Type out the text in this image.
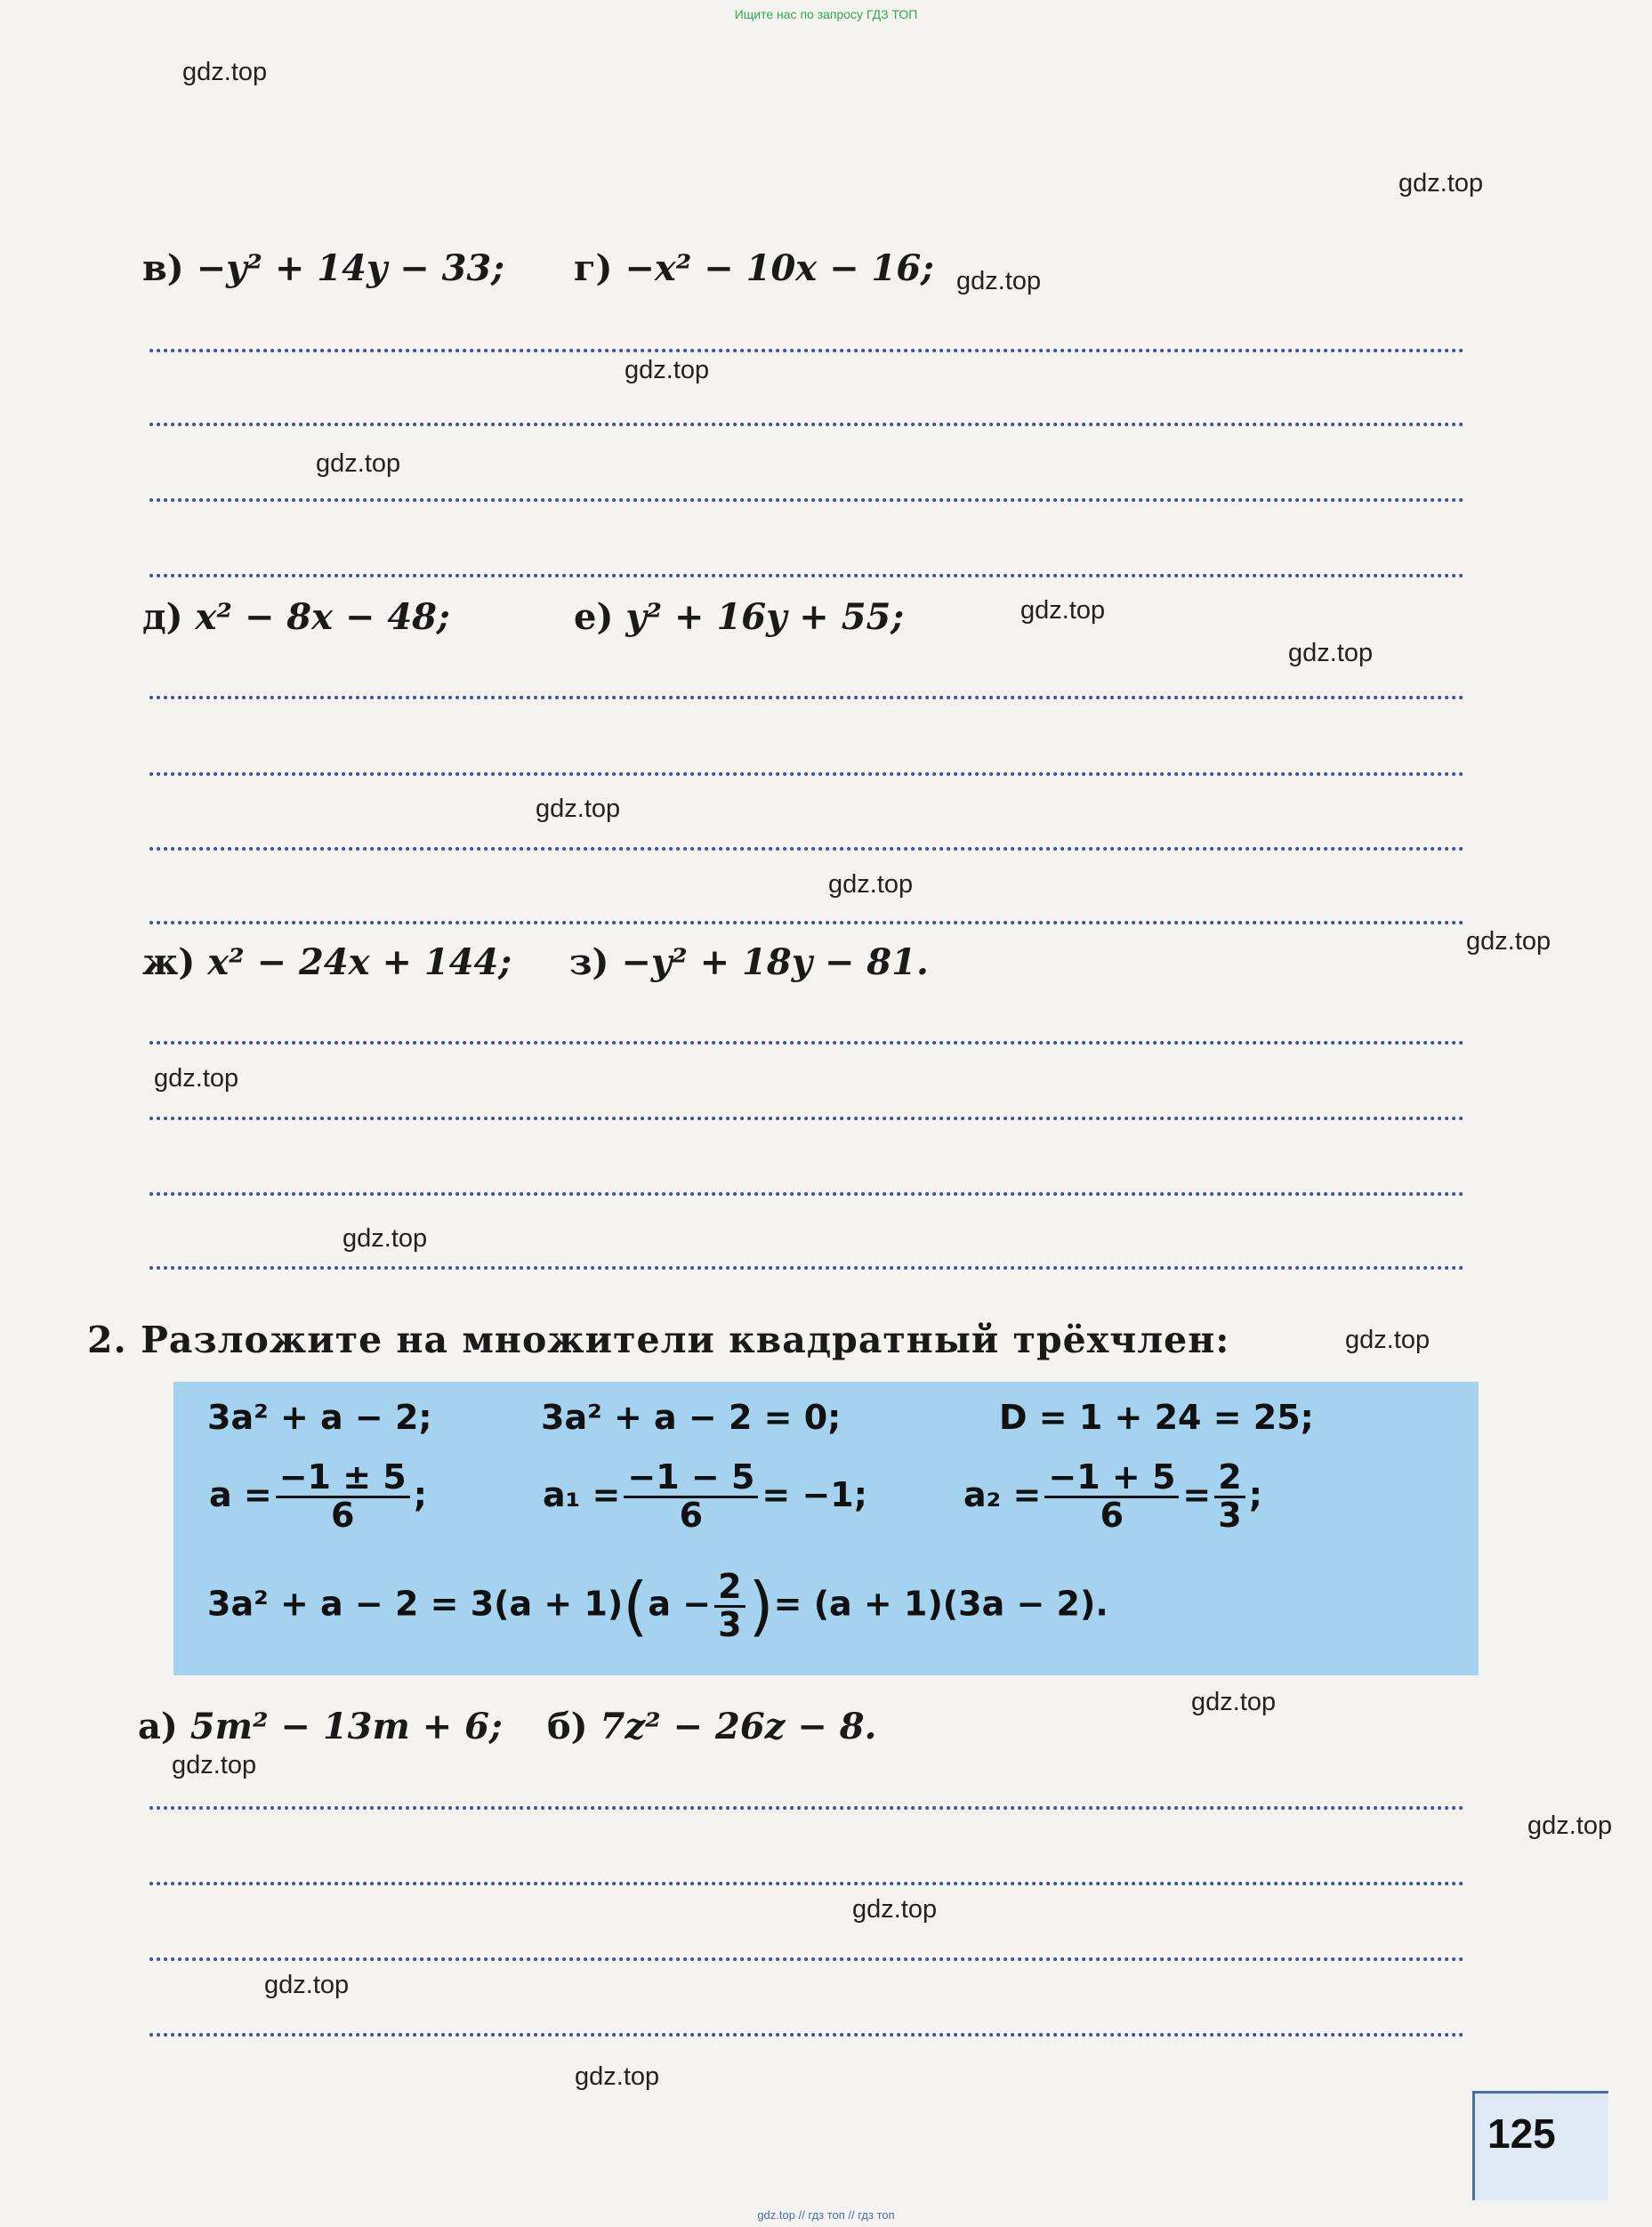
Ищите нас по запросу ГДЗ ТОП
gdz.top // гдз топ // гдз топ
в) −y² + 14y − 33; г) −x² − 10x − 16;
д) x² − 8x − 48;	е) y² + 16y + 55;
ж) x² − 24x + 144; з) −y² + 18y − 81.
2. Разложите на множители квадратный трёхчлен:
3a² + a − 2;	3a² + a − 2 = 0;	D = 1 + 24 = 25;
$a = \frac{-1 \pm 5}{6}$ ;	$a_1 = \frac{-1 - 5}{6} = -1$;	$a_2 = \frac{-1 + 5}{6} = \frac{2}{3}$ ;
$3a^2 + a - 2 = 3(a + 1)(a - \frac{2}{3}$ )= (a + 1)(3a − 2).
а) 5m² − 13m + 6; б) 7z² − 26z − 8.
125
gdz.top
gdz.top
gdz.top
gdz.top
gdz.top
gdz.top
gdz.top
gdz.top
gdz.top
gdz.top
gdz.top
gdz.top
gdz.top
gdz.top
gdz.top
gdz.top
gdz.top
gdz.top
gdz.top
